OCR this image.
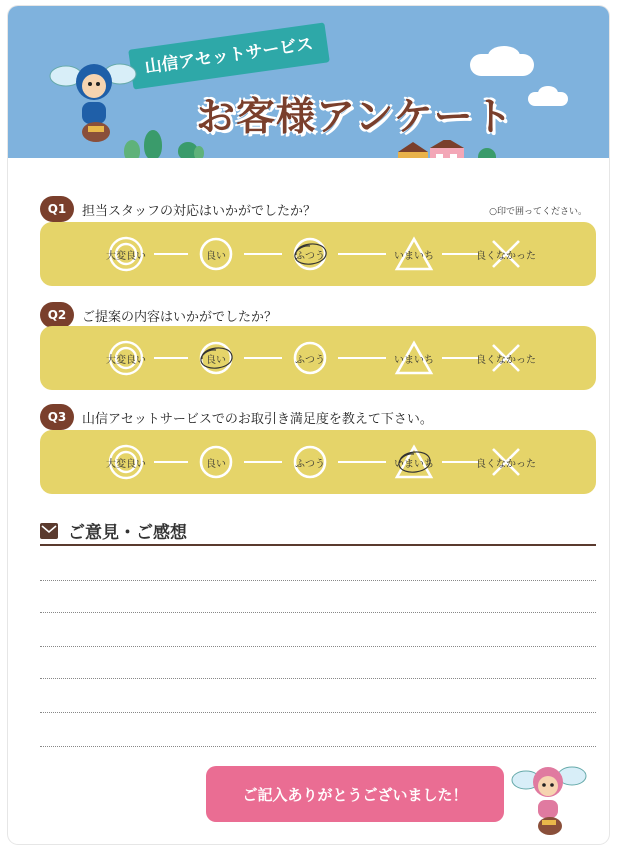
山信アセットサービス
お客様アンケート
○印で囲ってください。
ご意見・ご感想
ご記入ありがとうございました！
Q1	担当スタッフの対応はいかがでしたか？
大変良い	良い	ふつう	いまいち	良くなかった
Q2	ご提案の内容はいかがでしたか？
大変良い	良い	ふつう	いまいち	良くなかった
Q3	山信アセットサービスでのお取引き満足度を教えて下さい。
大変良い	良い	ふつう	いまいち	良くなかった
